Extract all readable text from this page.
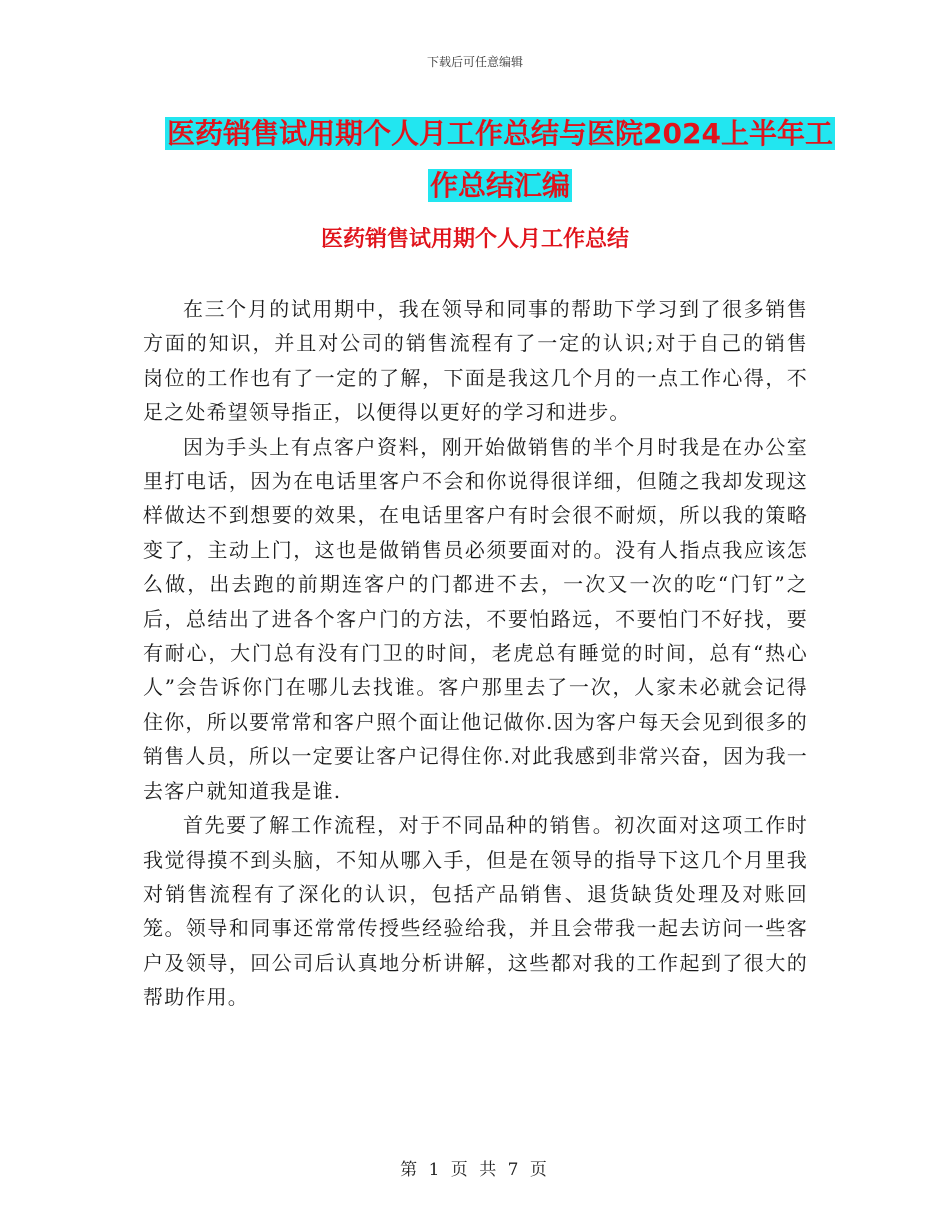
下载后可任意编辑
医药销售试用期个人月工作总结与医院2024上半年工
作总结汇编
医药销售试用期个人月工作总结

在三个月的试用期中，我在领导和同事的帮助下学习到了很多销售方面的知识，并且对公司的销售流程有了一定的认识;对于自己的销售岗位的工作也有了一定的了解，下面是我这几个月的一点工作心得，不足之处希望领导指正，以便得以更好的学习和进步。

因为手头上有点客户资料，刚开始做销售的半个月时我是在办公室里打电话，因为在电话里客户不会和你说得很详细，但随之我却发现这样做达不到想要的效果，在电话里客户有时会很不耐烦，所以我的策略变了，主动上门，这也是做销售员必须要面对的。没有人指点我应该怎么做，出去跑的前期连客户的门都进不去，一次又一次的吃“门钉”之后，总结出了进各个客户门的方法，不要怕路远，不要怕门不好找，要有耐心，大门总有没有门卫的时间，老虎总有睡觉的时间，总有“热心人”会告诉你门在哪儿去找谁。客户那里去了一次，人家未必就会记得住你，所以要常常和客户照个面让他记做你.因为客户每天会见到很多的销售人员，所以一定要让客户记得住你.对此我感到非常兴奋，因为我一去客户就知道我是谁.

首先要了解工作流程，对于不同品种的销售。初次面对这项工作时我觉得摸不到头脑，不知从哪入手，但是在领导的指导下这几个月里我对销售流程有了深化的认识，包括产品销售、退货缺货处理及对账回笼。领导和同事还常常传授些经验给我，并且会带我一起去访问一些客户及领导，回公司后认真地分析讲解，这些都对我的工作起到了很大的帮助作用。

第 1 页 共 7 页
